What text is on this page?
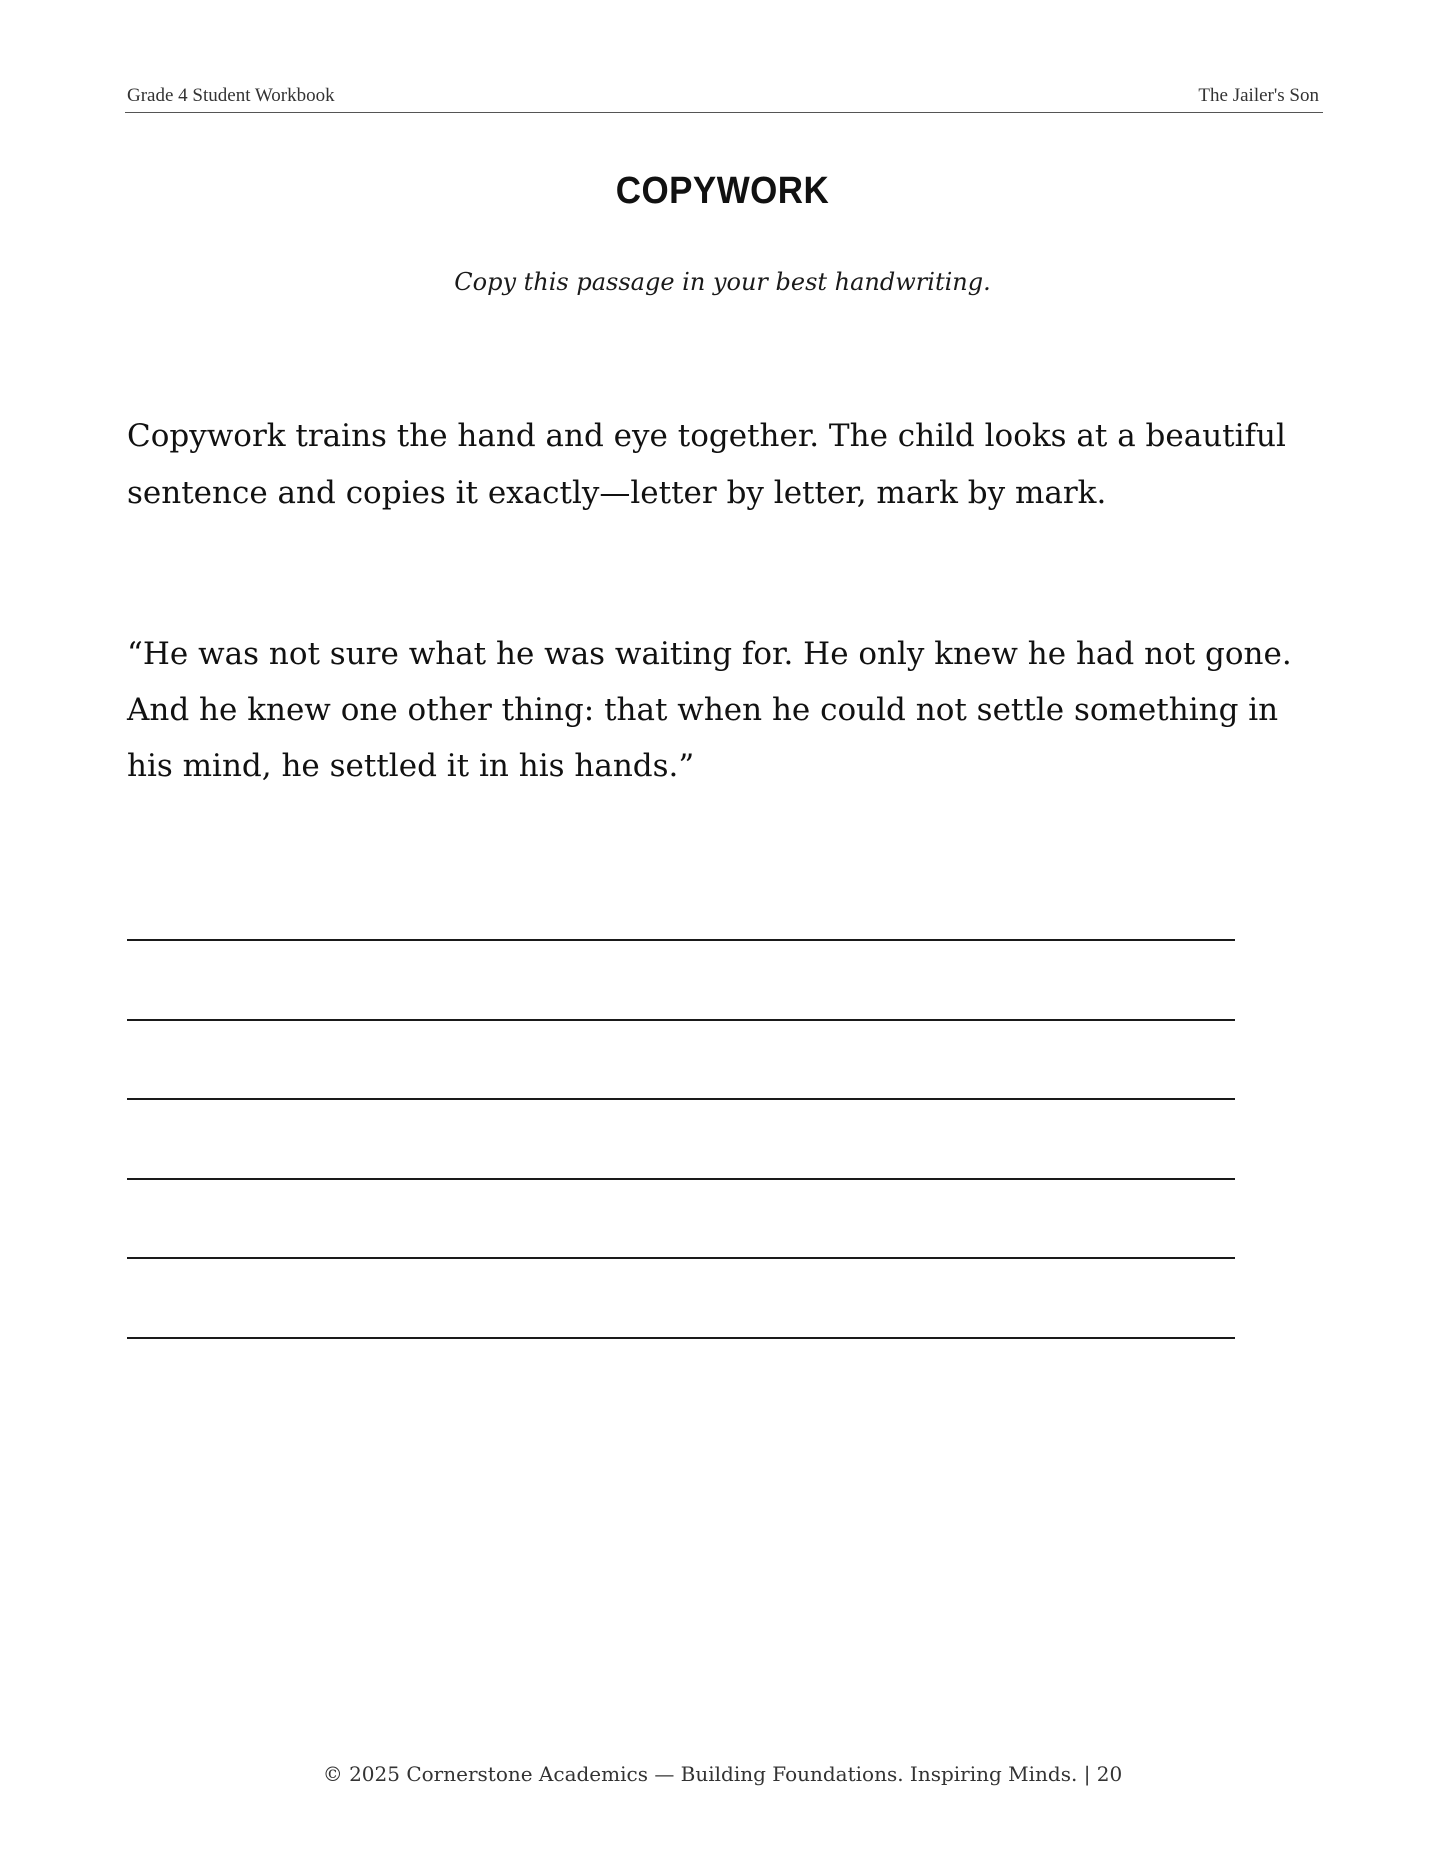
Grade 4 Student Workbook	The Jailer's Son
COPYWORK
Copy this passage in your best handwriting.

Copywork trains the hand and eye together. The child looks at a beautiful sentence and copies it exactly—letter by letter, mark by mark.

“He was not sure what he was waiting for. He only knew he had not gone. And he knew one other thing: that when he could not settle something in his mind, he settled it in his hands.”

© 2025 Cornerstone Academics — Building Foundations. Inspiring Minds. | 20
